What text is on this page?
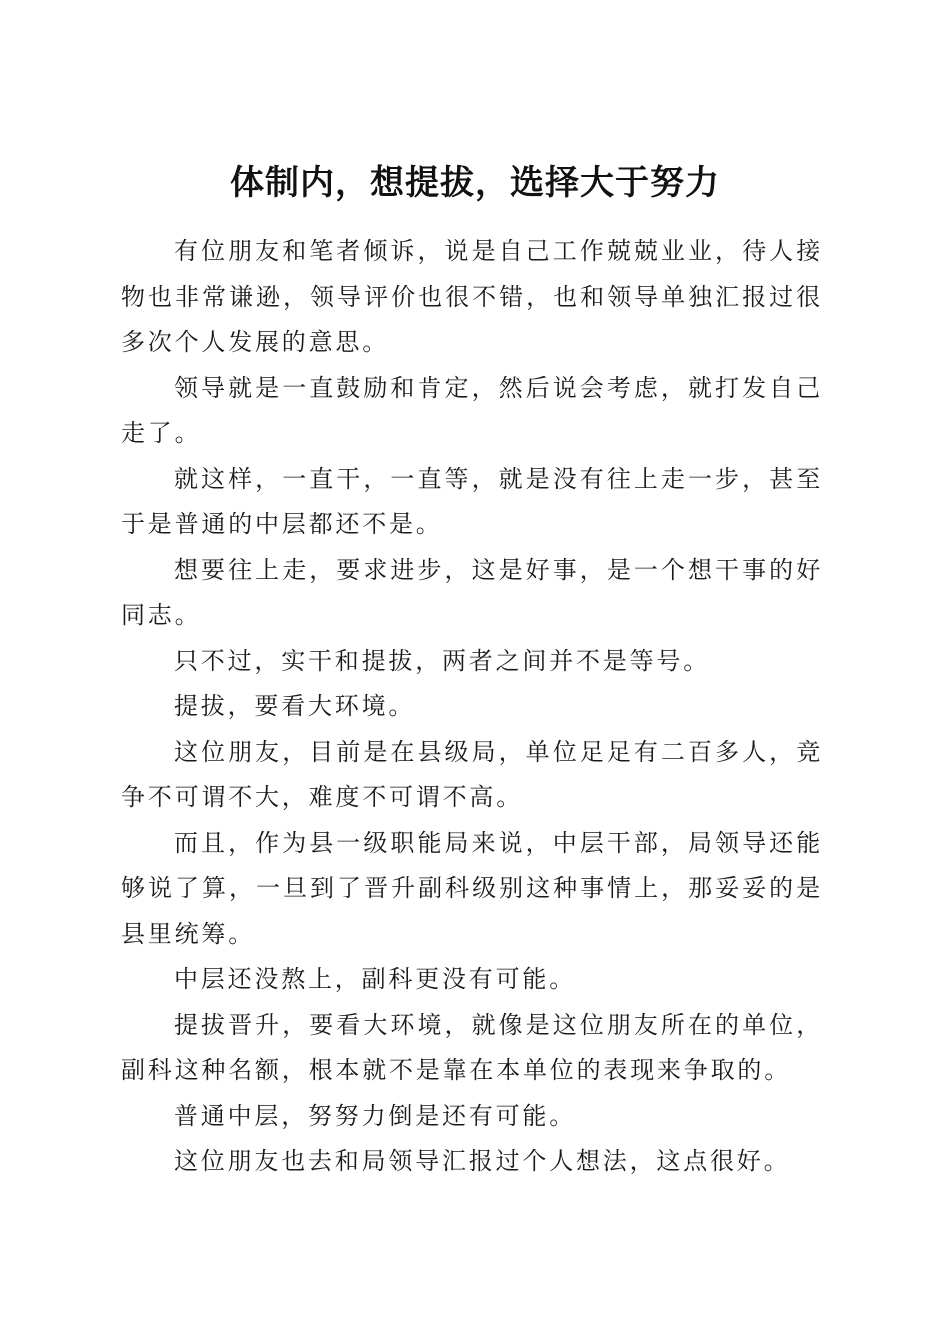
体制内，想提拔，选择大于努力

有位朋友和笔者倾诉，说是自己工作兢兢业业，待人接物也非常谦逊，领导评价也很不错，也和领导单独汇报过很多次个人发展的意思。

领导就是一直鼓励和肯定，然后说会考虑，就打发自己走了。

就这样，一直干，一直等，就是没有往上走一步，甚至于是普通的中层都还不是。

想要往上走，要求进步，这是好事，是一个想干事的好同志。

只不过，实干和提拔，两者之间并不是等号。

提拔，要看大环境。

这位朋友，目前是在县级局，单位足足有二百多人，竞争不可谓不大，难度不可谓不高。

而且，作为县一级职能局来说，中层干部，局领导还能够说了算，一旦到了晋升副科级别这种事情上，那妥妥的是县里统筹。

中层还没熬上，副科更没有可能。

提拔晋升，要看大环境，就像是这位朋友所在的单位，副科这种名额，根本就不是靠在本单位的表现来争取的。

普通中层，努努力倒是还有可能。

这位朋友也去和局领导汇报过个人想法，这点很好。
